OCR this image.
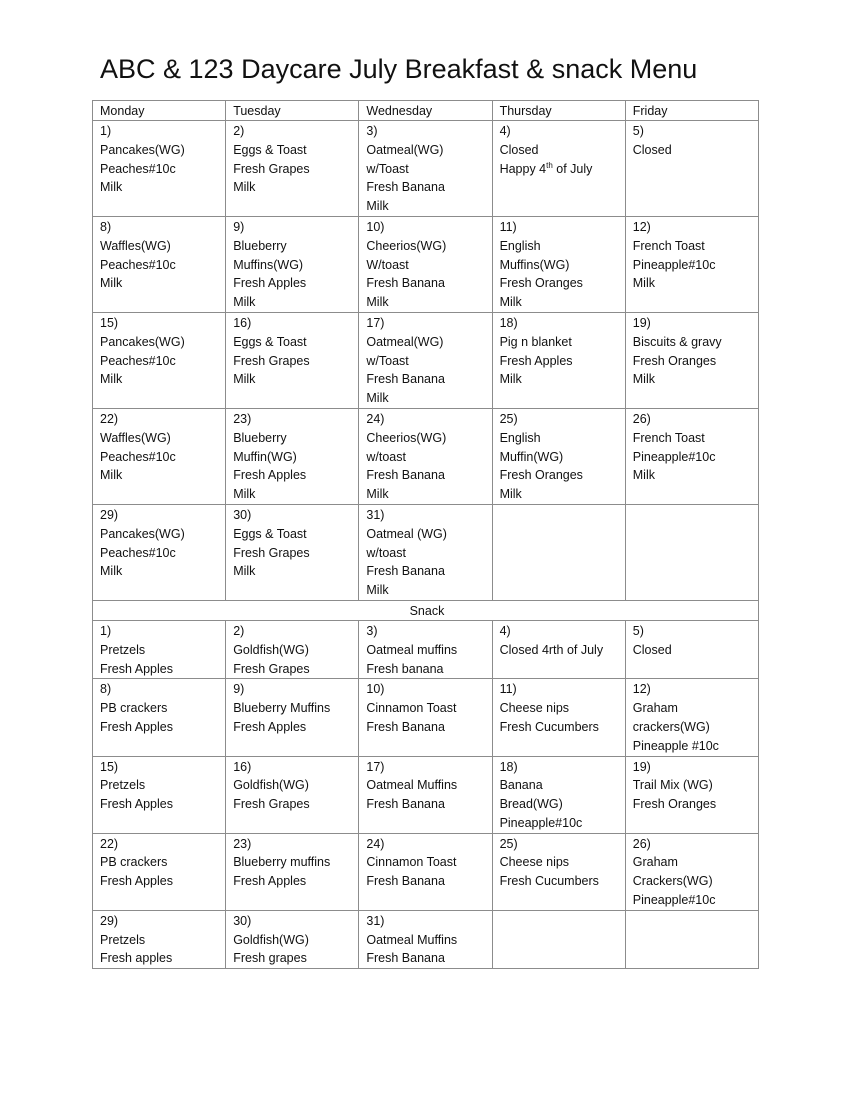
ABC & 123 Daycare July Breakfast & snack Menu
Monday	Tuesday	Wednesday	Thursday	Friday

1)
Pancakes(WG)
Peaches#10c
Milk	2)
Eggs & Toast
Fresh Grapes
Milk	3)
Oatmeal(WG)
w/Toast
Fresh Banana
Milk	4)
Closed
Happy 4th of July	5)
Closed

8)
Waffles(WG)
Peaches#10c
Milk	9)
Blueberry
Muffins(WG)
Fresh Apples
Milk	10)
Cheerios(WG)
W/toast
Fresh Banana
Milk	11)
English
Muffins(WG)
Fresh Oranges
Milk	12)
French Toast
Pineapple#10c
Milk

15)
Pancakes(WG)
Peaches#10c
Milk	16)
Eggs & Toast
Fresh Grapes
Milk	17)
Oatmeal(WG)
w/Toast
Fresh Banana
Milk	18)
Pig n blanket
Fresh Apples
Milk	19)
Biscuits & gravy
Fresh Oranges
Milk

22)
Waffles(WG)
Peaches#10c
Milk	23)
Blueberry
Muffin(WG)
Fresh Apples
Milk	24)
Cheerios(WG)
w/toast
Fresh Banana
Milk	25)
English
Muffin(WG)
Fresh Oranges
Milk	26)
French Toast
Pineapple#10c
Milk

29)
Pancakes(WG)
Peaches#10c
Milk	30)
Eggs & Toast
Fresh Grapes
Milk	31)
Oatmeal (WG)
w/toast
Fresh Banana
Milk		

Snack				

1)
Pretzels
Fresh Apples	2)
Goldfish(WG)
Fresh Grapes	3)
Oatmeal muffins
Fresh banana	4)
Closed 4rth of July	5)
Closed

8)
PB crackers
Fresh Apples	9)
Blueberry Muffins
Fresh Apples	10)
Cinnamon Toast
Fresh Banana	11)
Cheese nips
Fresh Cucumbers	12)
Graham
crackers(WG)
Pineapple #10c

15)
Pretzels
Fresh Apples	16)
Goldfish(WG)
Fresh Grapes	17)
Oatmeal Muffins
Fresh Banana	18)
Banana
Bread(WG)
Pineapple#10c	19)
Trail Mix (WG)
Fresh Oranges

22)
PB crackers
Fresh Apples	23)
Blueberry muffins
Fresh Apples	24)
Cinnamon Toast
Fresh Banana	25)
Cheese nips
Fresh Cucumbers	26)
Graham
Crackers(WG)
Pineapple#10c

29)
Pretzels
Fresh apples	30)
Goldfish(WG)
Fresh grapes	31)
Oatmeal Muffins
Fresh Banana		
